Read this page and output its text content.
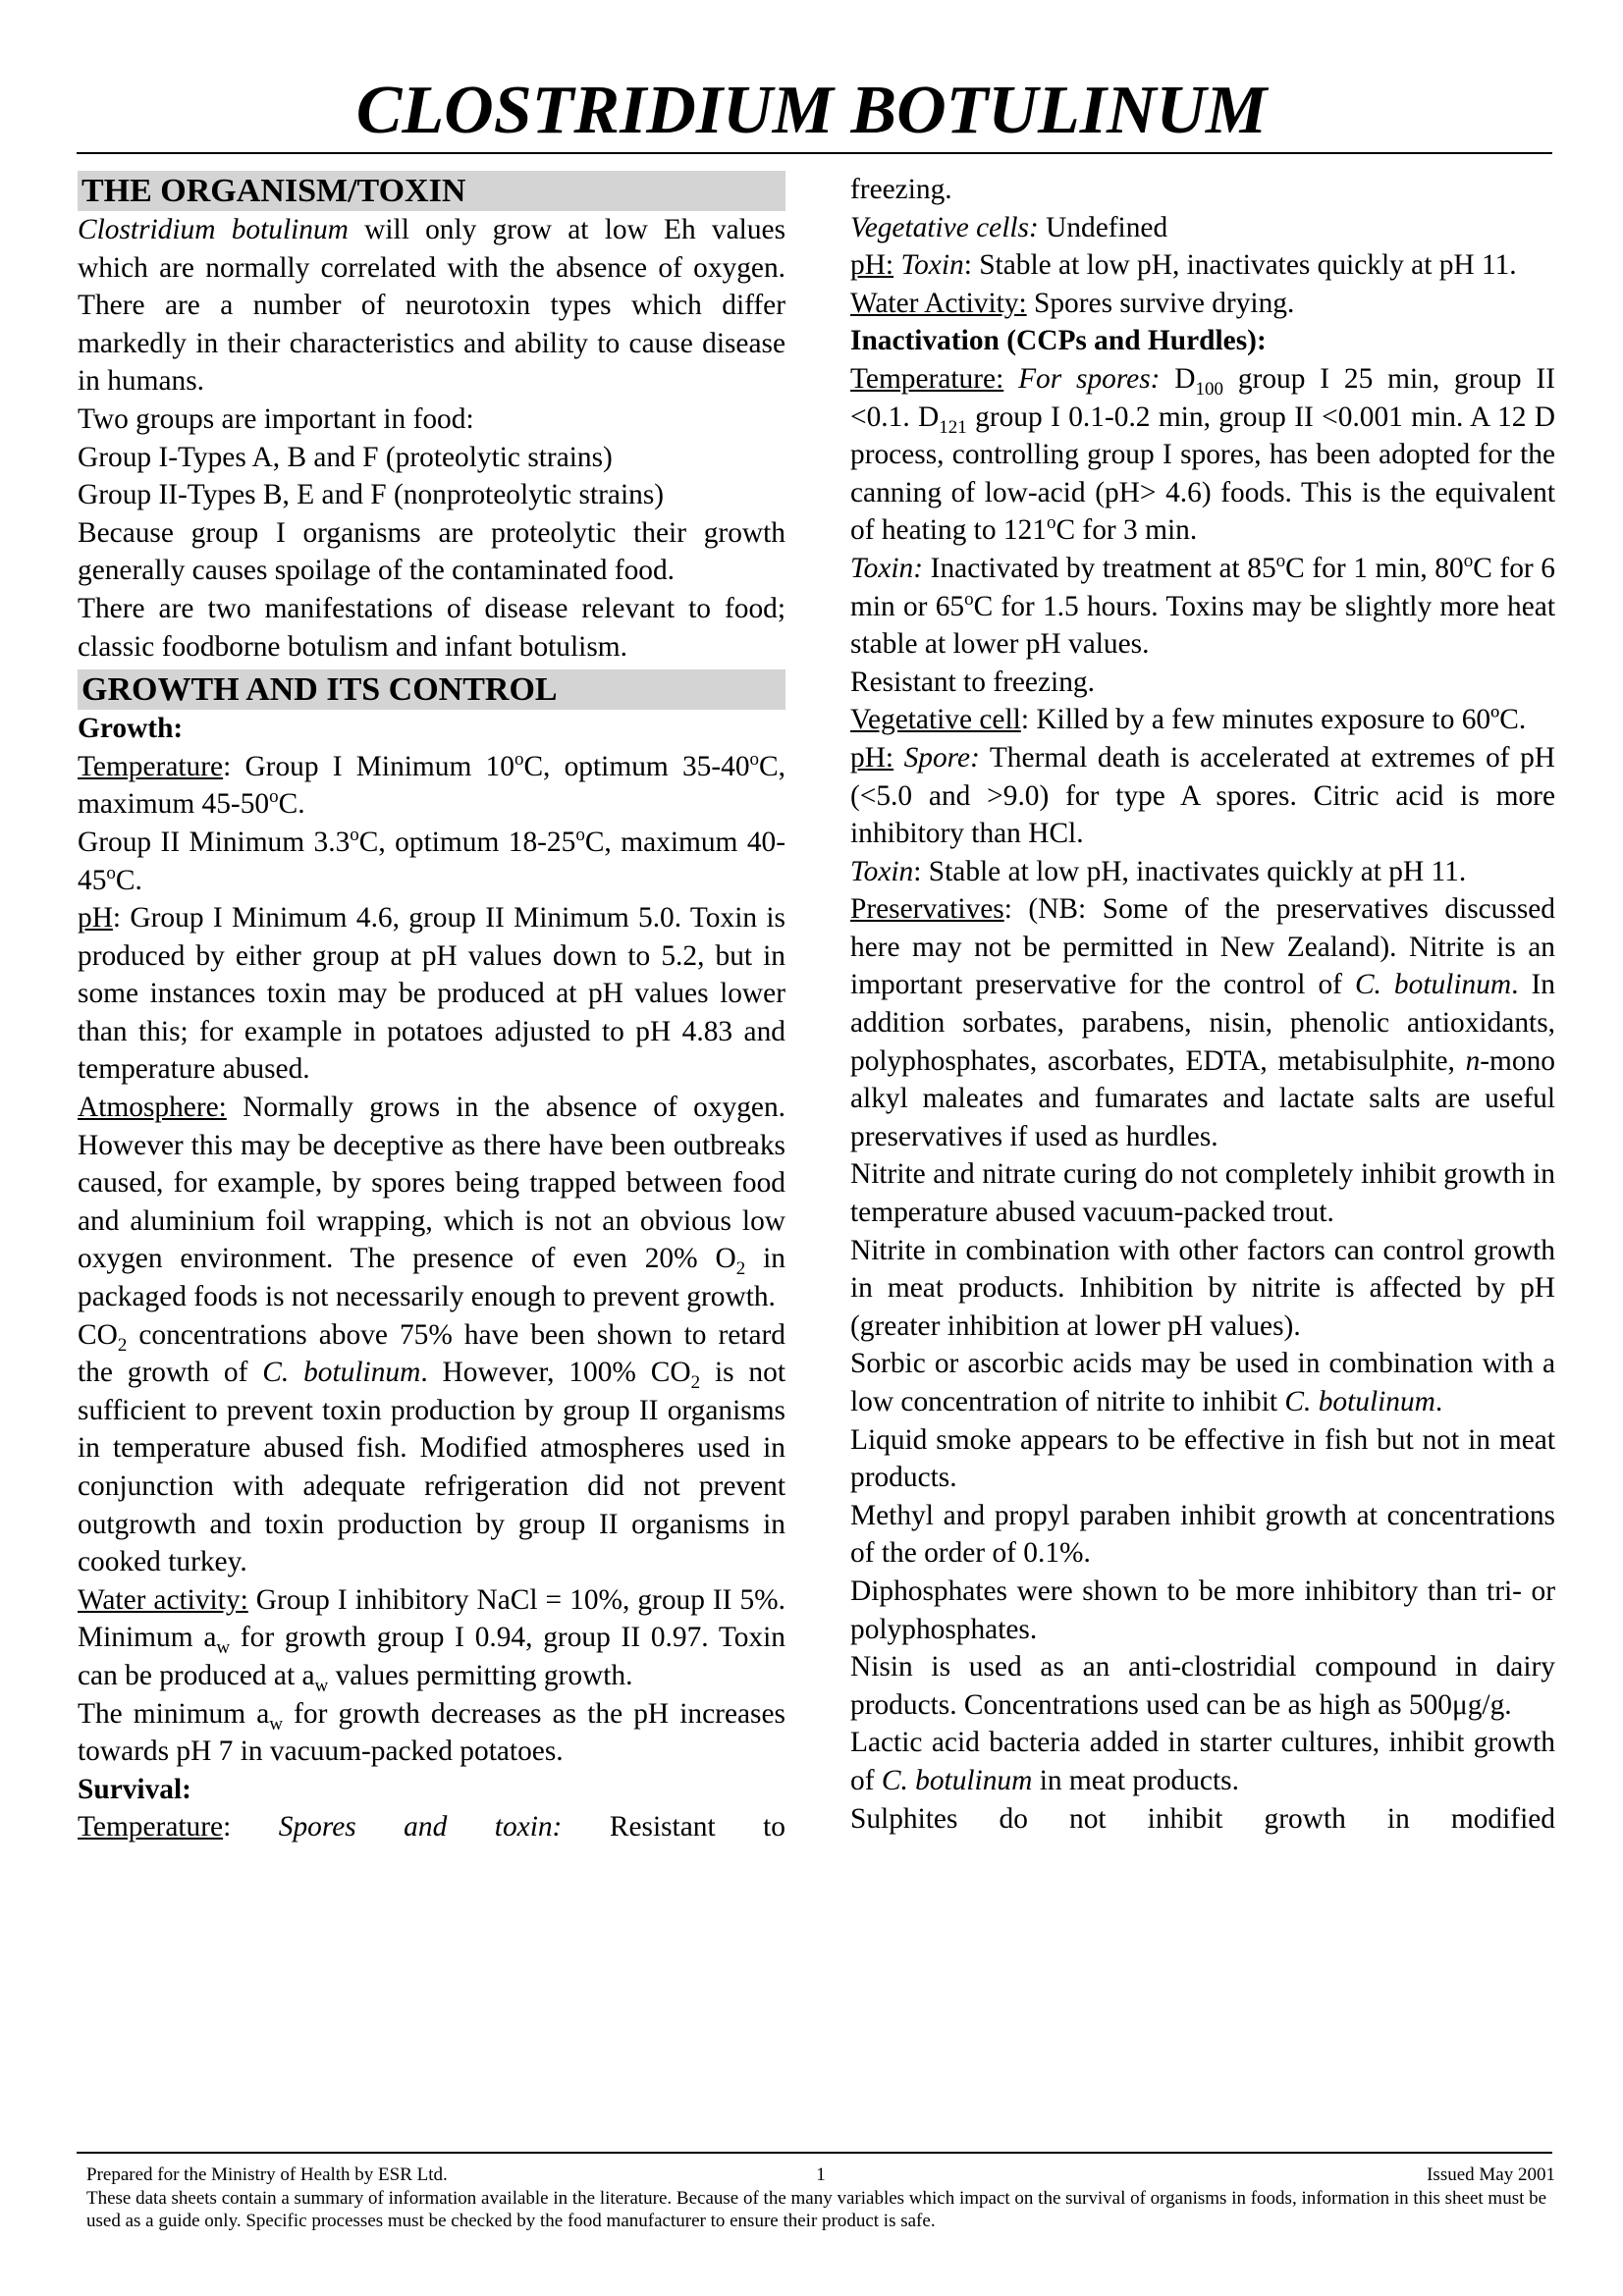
CLOSTRIDIUM BOTULINUM
THE ORGANISM/TOXIN

Clostridium botulinum will only grow at low Eh values which are normally correlated with the absence of oxygen. There are a number of neurotoxin types which differ markedly in their characteristics and ability to cause disease in humans.

Two groups are important in food:

Group I-Types A, B and F (proteolytic strains)

Group II-Types B, E and F (nonproteolytic strains)

Because group I organisms are proteolytic their growth generally causes spoilage of the contaminated food.

There are two manifestations of disease relevant to food; classic foodborne botulism and infant botulism.

GROWTH AND ITS CONTROL

Growth:

Temperature: Group I Minimum 10$^o$C, optimum 35-40$^o$C, maximum 45-50$^o$C.

Group II Minimum 3.3$^o$C, optimum 18-25$^o$C, maximum 40-45$^o$C.

pH: Group I Minimum 4.6, group II Minimum 5.0. Toxin is produced by either group at pH values down to 5.2, but in some instances toxin may be produced at pH values lower than this; for example in potatoes adjusted to pH 4.83 and temperature abused.

Atmosphere: Normally grows in the absence of oxygen. However this may be deceptive as there have been outbreaks caused, for example, by spores being trapped between food and aluminium foil wrapping, which is not an obvious low oxygen environment. The presence of even 20% $O_2$ in packaged foods is not necessarily enough to prevent growth.

$CO_2$ concentrations above 75% have been shown to retard the growth of C. botulinum. However, 100% $CO_2$ is not sufficient to prevent toxin production by group II organisms in temperature abused fish. Modified atmospheres used in conjunction with adequate refrigeration did not prevent outgrowth and toxin production by group II organisms in cooked turkey.

Water activity: Group I inhibitory NaCl = 10%, group II 5%. Minimum $a_w$ for growth group I 0.94, group II 0.97. Toxin can be produced at $a_w$ values permitting growth.

The minimum $a_w$ for growth decreases as the pH increases towards pH 7 in vacuum-packed potatoes.

Survival:

Temperature: Spores and toxin: Resistant to

freezing.

Vegetative cells: Undefined

pH: Toxin: Stable at low pH, inactivates quickly at pH 11.

Water Activity: Spores survive drying.

Inactivation (CCPs and Hurdles):

Temperature: For spores: $D_{100}$ group I 25 min, group II <0.1. $D_{121}$ group I 0.1-0.2 min, group II <0.001 min. A 12 D process, controlling group I spores, has been adopted for the canning of low-acid (pH> 4.6) foods. This is the equivalent of heating to 121$^o$C for 3 min.

Toxin: Inactivated by treatment at 85$^o$C for 1 min, 80$^o$C for 6 min or 65$^o$C for 1.5 hours. Toxins may be slightly more heat stable at lower pH values.

Resistant to freezing.

Vegetative cell: Killed by a few minutes exposure to 60ºC.

pH: Spore: Thermal death is accelerated at extremes of pH (<5.0 and >9.0) for type A spores. Citric acid is more inhibitory than HCl.

Toxin: Stable at low pH, inactivates quickly at pH 11.

Preservatives: (NB: Some of the preservatives discussed here may not be permitted in New Zealand). Nitrite is an important preservative for the control of C. botulinum. In addition sorbates, parabens, nisin, phenolic antioxidants, polyphosphates, ascorbates, EDTA, metabisulphite, n-mono alkyl maleates and fumarates and lactate salts are useful preservatives if used as hurdles.

Nitrite and nitrate curing do not completely inhibit growth in temperature abused vacuum-packed trout.

Nitrite in combination with other factors can control growth in meat products. Inhibition by nitrite is affected by pH (greater inhibition at lower pH values).

Sorbic or ascorbic acids may be used in combination with a low concentration of nitrite to inhibit C. botulinum.

Liquid smoke appears to be effective in fish but not in meat products.

Methyl and propyl paraben inhibit growth at concentrations of the order of 0.1%.

Diphosphates were shown to be more inhibitory than tri- or polyphosphates.

Nisin is used as an anti-clostridial compound in dairy products. Concentrations used can be as high as 500μg/g.

Lactic acid bacteria added in starter cultures, inhibit growth of C. botulinum in meat products.

Sulphites do not inhibit growth in modified

Prepared for the Ministry of Health by ESR Ltd.	1	Issued May 2001

These data sheets contain a summary of information available in the literature. Because of the many variables which impact on the survival of organisms in foods, information in this sheet must be used as a guide only. Specific processes must be checked by the food manufacturer to ensure their product is safe.
